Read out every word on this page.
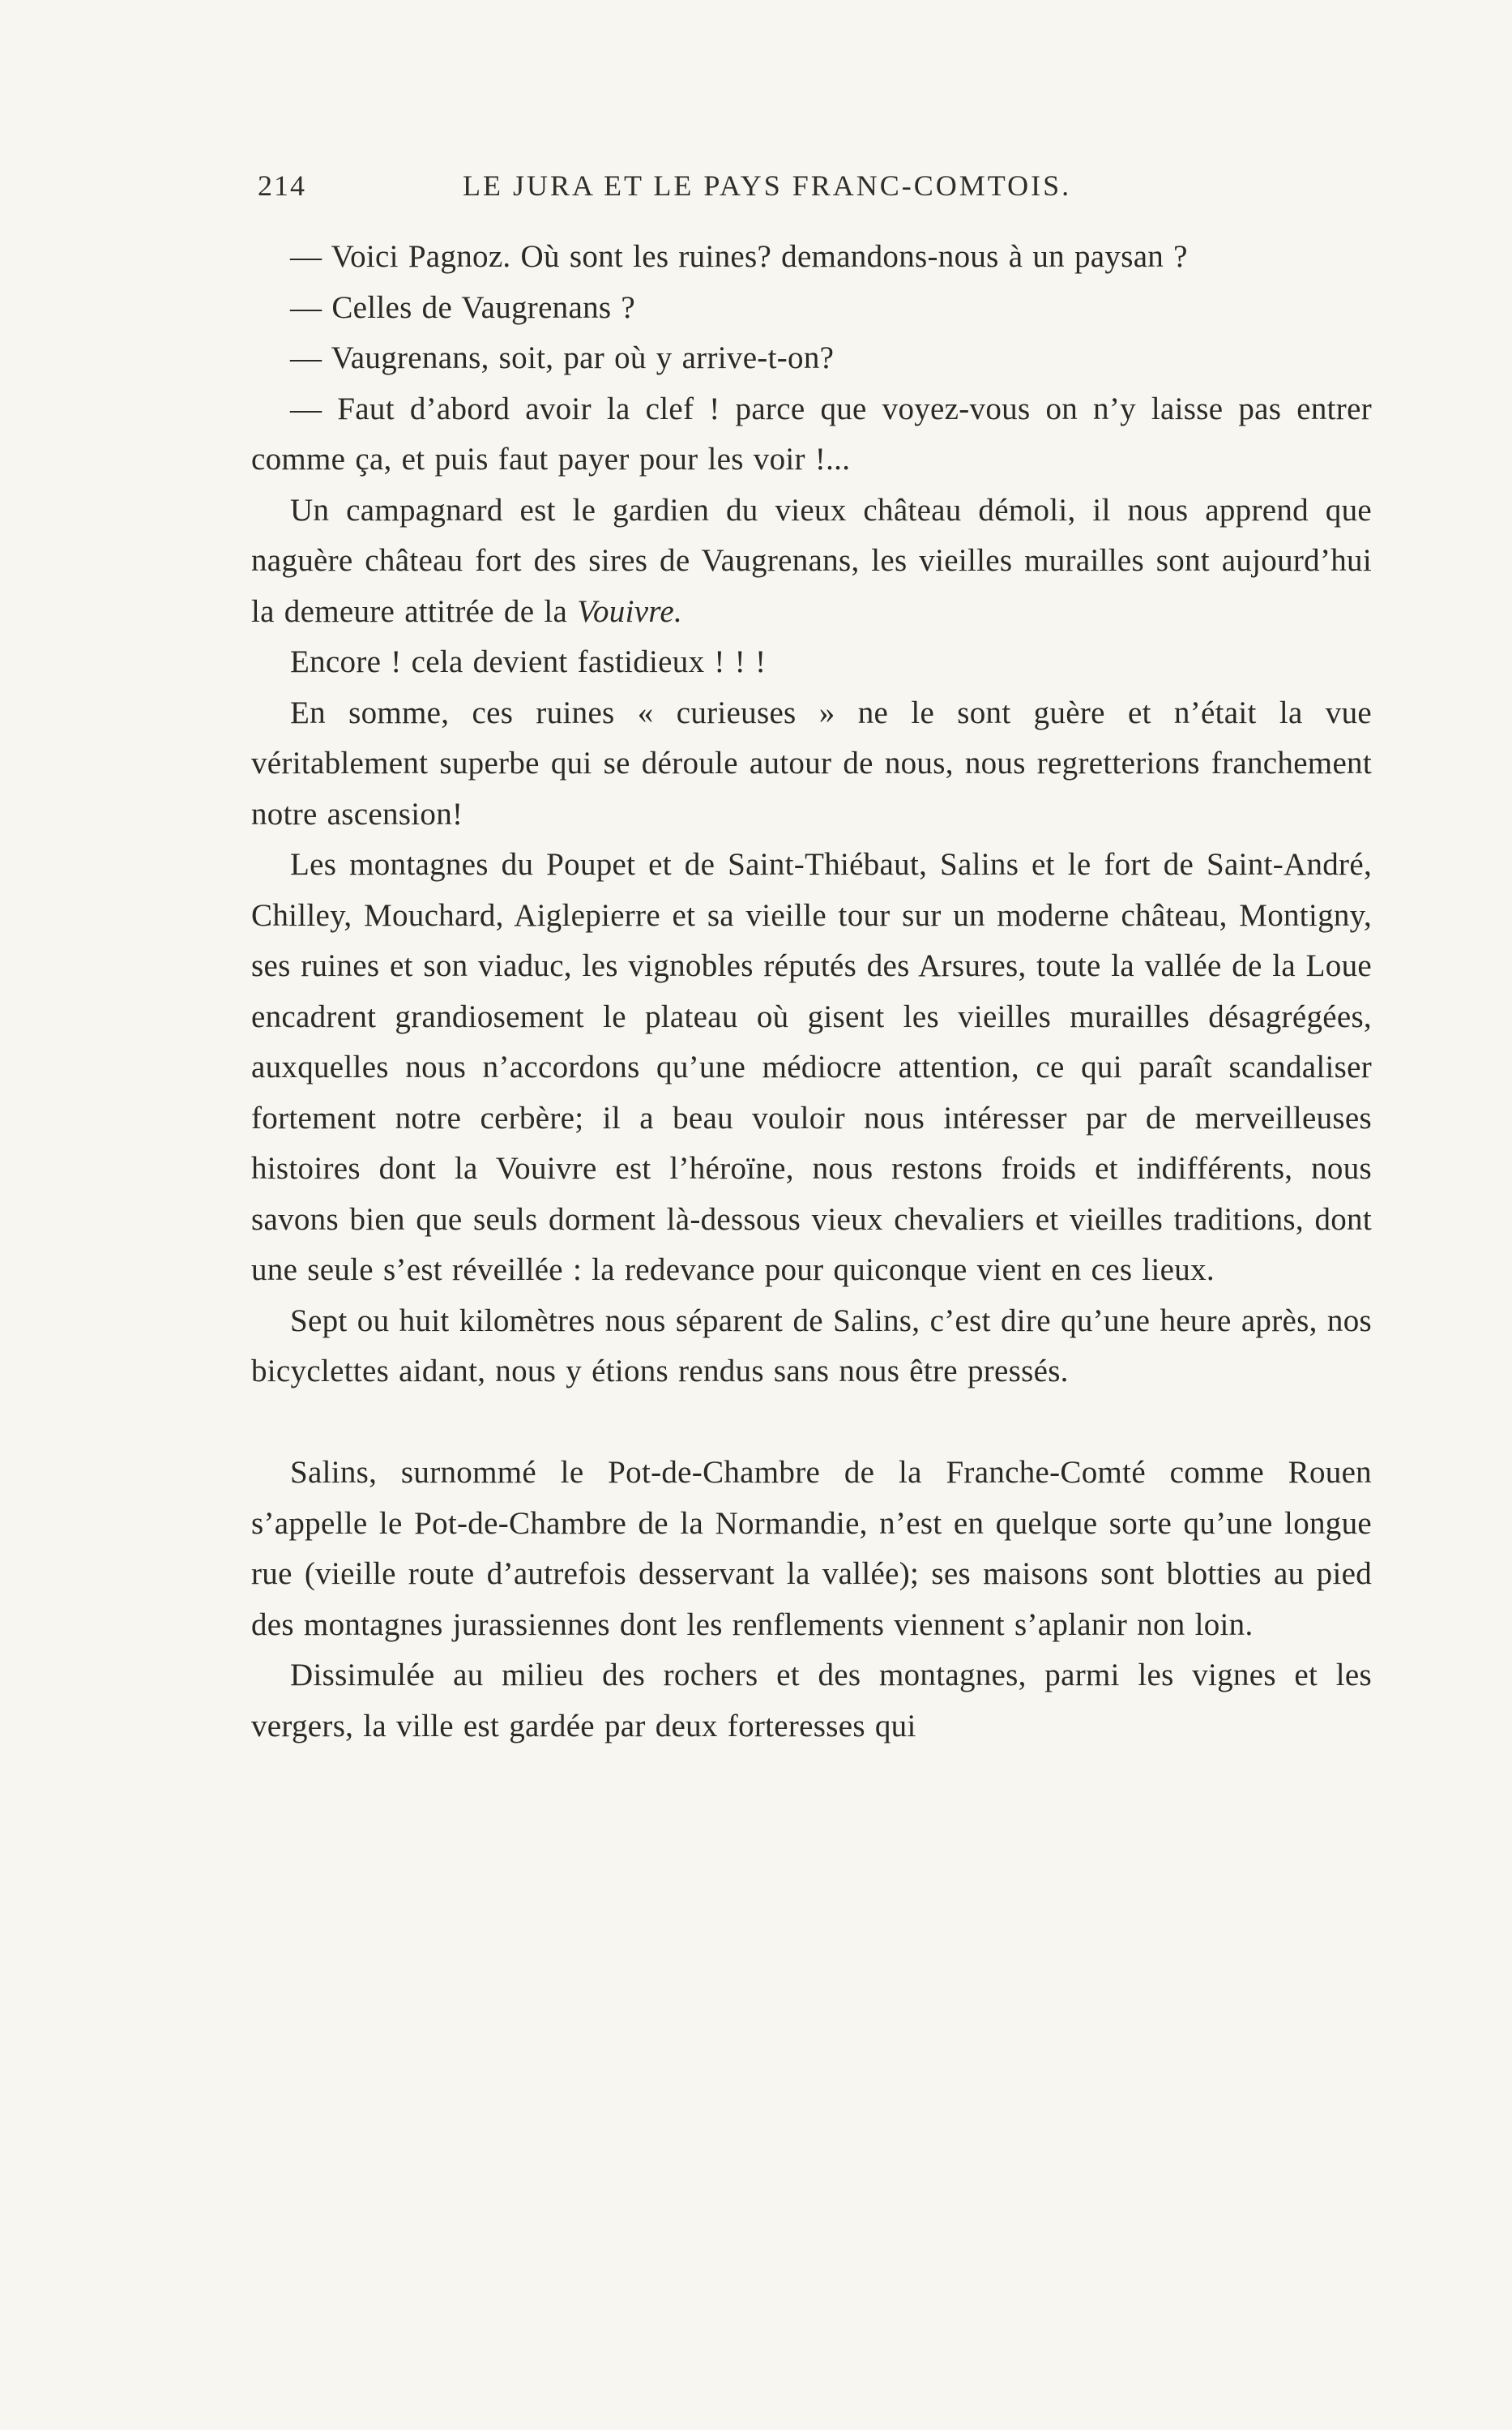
214	LE JURA ET LE PAYS FRANC-COMTOIS.

— Voici Pagnoz. Où sont les ruines? demandons-nous à un paysan ?

— Celles de Vaugrenans ?

— Vaugrenans, soit, par où y arrive-t-on?

— Faut d’abord avoir la clef ! parce que voyez-vous on n’y laisse pas entrer comme ça, et puis faut payer pour les voir !...

Un campagnard est le gardien du vieux château démoli, il nous apprend que naguère château fort des sires de Vaugrenans, les vieilles murailles sont aujourd’hui la demeure attitrée de la Vouivre.

Encore ! cela devient fastidieux ! ! !

En somme, ces ruines « curieuses » ne le sont guère et n’était la vue véritablement superbe qui se déroule autour de nous, nous regretterions franchement notre ascension!

Les montagnes du Poupet et de Saint-Thiébaut, Salins et le fort de Saint-André, Chilley, Mouchard, Aiglepierre et sa vieille tour sur un moderne château, Montigny, ses ruines et son viaduc, les vignobles réputés des Arsures, toute la vallée de la Loue encadrent grandiosement le plateau où gisent les vieilles murailles désagrégées, auxquelles nous n’accordons qu’une médiocre attention, ce qui paraît scandaliser fortement notre cerbère; il a beau vouloir nous intéresser par de merveilleuses histoires dont la Vouivre est l’héroïne, nous restons froids et indifférents, nous savons bien que seuls dorment là-dessous vieux chevaliers et vieilles traditions, dont une seule s’est réveillée : la redevance pour quiconque vient en ces lieux.

Sept ou huit kilomètres nous séparent de Salins, c’est dire qu’une heure après, nos bicyclettes aidant, nous y étions rendus sans nous être pressés.

Salins, surnommé le Pot-de-Chambre de la Franche-Comté comme Rouen s’appelle le Pot-de-Chambre de la Normandie, n’est en quelque sorte qu’une longue rue (vieille route d’autrefois desservant la vallée); ses maisons sont blotties au pied des montagnes jurassiennes dont les renflements viennent s’aplanir non loin.

Dissimulée au milieu des rochers et des montagnes, parmi les vignes et les vergers, la ville est gardée par deux forteresses qui
